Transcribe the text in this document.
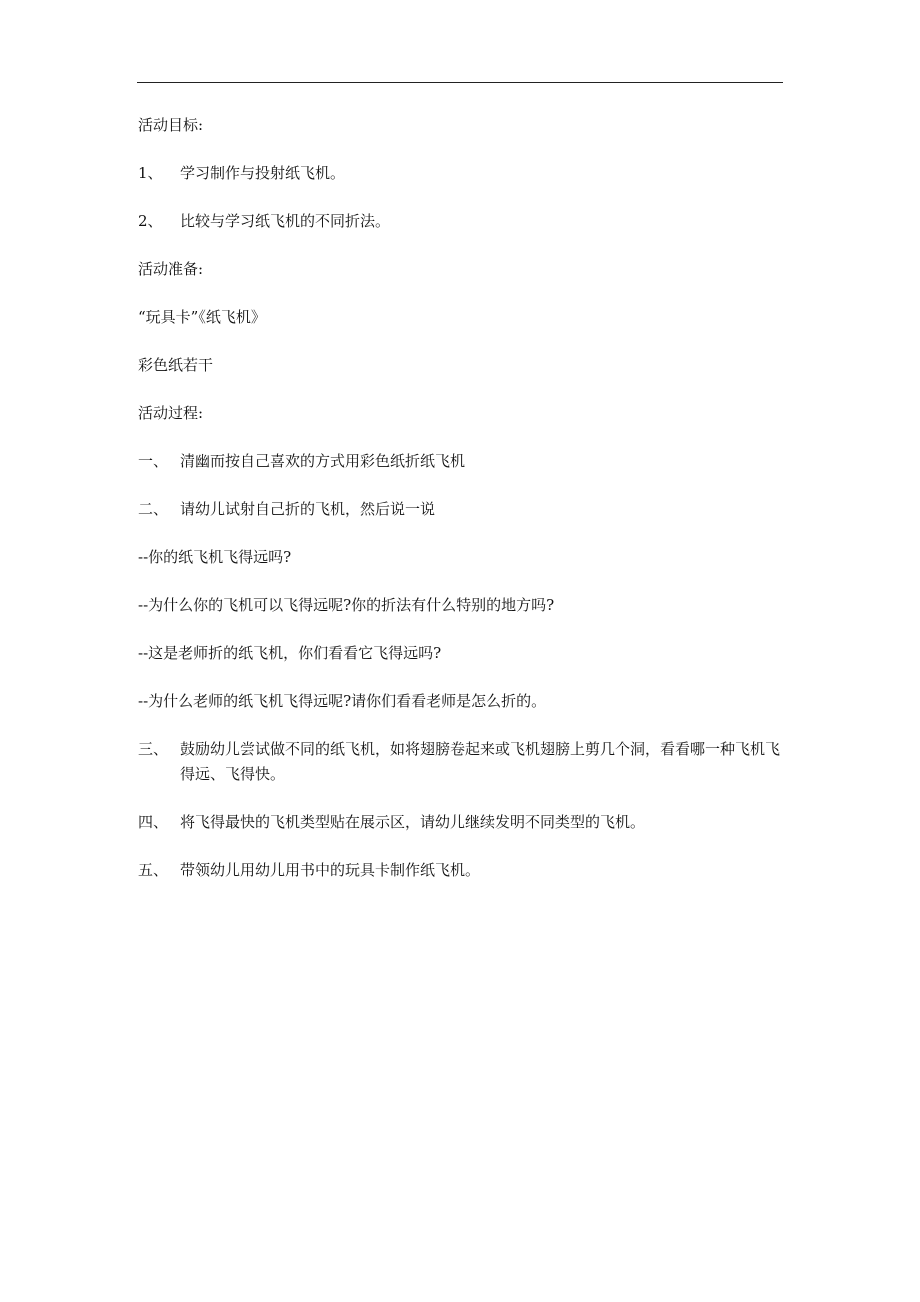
活动目标:
1、	学习制作与投射纸飞机。
2、	比较与学习纸飞机的不同折法。
活动准备:
“玩具卡”《纸飞机》
彩色纸若干
活动过程:
一、 清幽而按自己喜欢的方式用彩色纸折纸飞机
二、 请幼儿试射自己折的飞机，然后说一说
--你的纸飞机飞得远吗?
--为什么你的飞机可以飞得远呢?你的折法有什么特别的地方吗?
--这是老师折的纸飞机，你们看看它飞得远吗?
--为什么老师的纸飞机飞得远呢?请你们看看老师是怎么折的。
三、 鼓励幼儿尝试做不同的纸飞机，如将翅膀卷起来或飞机翅膀上剪几个洞，看看哪一种飞机飞得远、飞得快。
四、 将飞得最快的飞机类型贴在展示区，请幼儿继续发明不同类型的飞机。
五、 带领幼儿用幼儿用书中的玩具卡制作纸飞机。
